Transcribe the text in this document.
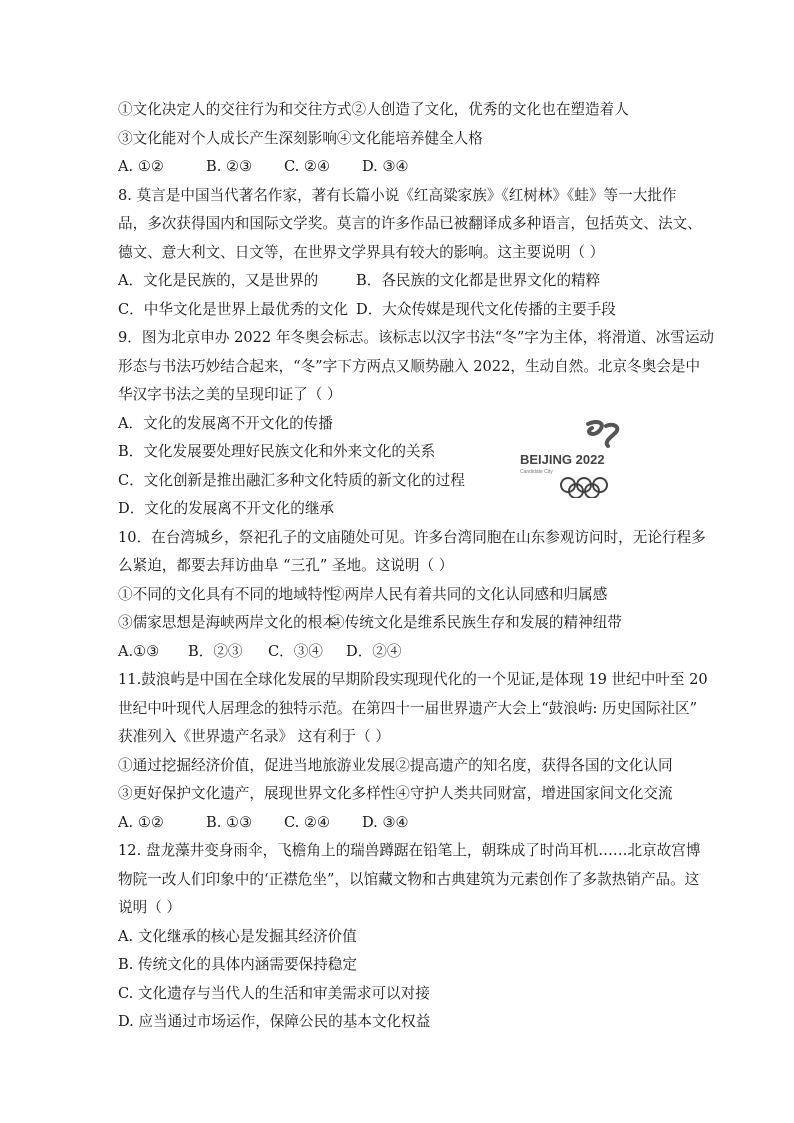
①文化决定人的交往行为和交往方式②人创造了文化，优秀的文化也在塑造着人
③文化能对个人成长产生深刻影响④文化能培养健全人格
A. ①②	B. ②③	C. ②④	D. ③④
8. 莫言是中国当代著名作家，著有长篇小说《红高粱家族》《红树林》《蛙》等一大批作
品，多次获得国内和国际文学奖。莫言的许多作品已被翻译成多种语言，包括英文、法文、
德文、意大利文、日文等，在世界文学界具有较大的影响。这主要说明（ ）
A．文化是民族的，又是世界的	B．各民族的文化都是世界文化的精粹
C．中华文化是世界上最优秀的文化 D．大众传媒是现代文化传播的主要手段
9．图为北京申办 2022 年冬奥会标志。该标志以汉字书法“冬”字为主体，将滑道、冰雪运动
形态与书法巧妙结合起来，“冬”字下方两点又顺势融入 2022，生动自然。北京冬奥会是中
华汉字书法之美的呈现印证了（ ）
A．文化的发展离不开文化的传播
B．文化发展要处理好民族文化和外来文化的关系
C．文化创新是推出融汇多种文化特质的新文化的过程
D．文化的发展离不开文化的继承
10．在台湾城乡，祭祀孔子的文庙随处可见。许多台湾同胞在山东参观访问时，无论行程多
么紧迫，都要去拜访曲阜 “三孔” 圣地。这说明（ ）
①不同的文化具有不同的地域特性
②两岸人民有着共同的文化认同感和归属感
③儒家思想是海峡两岸文化的根本
④传统文化是维系民族生存和发展的精神纽带
A.①③	B．②③	C．③④	D．②④
11.鼓浪屿是中国在全球化发展的早期阶段实现现代化的一个见证,是体现 19 世纪中叶至 20
世纪中叶现代人居理念的独特示范。在第四十一届世界遗产大会上“鼓浪屿: 历史国际社区”
获准列入《世界遗产名录》 这有利于（ ）
①通过挖掘经济价值，促进当地旅游业发展②提高遗产的知名度，获得各国的文化认同
③更好保护文化遗产，展现世界文化多样性④守护人类共同财富，增进国家间文化交流
A. ①②	B. ①③	C. ②④	D. ③④
12. 盘龙藻井变身雨伞，飞檐角上的瑞兽蹲踞在铅笔上，朝珠成了时尚耳机……北京故宫博
物院一改人们印象中的‘正襟危坐”，以馆藏文物和古典建筑为元素创作了多款热销产品。这
说明（ ）
A. 文化继承的核心是发掘其经济价值
B. 传统文化的具体内涵需要保持稳定
C. 文化遗存与当代人的生活和审美需求可以对接
D. 应当通过市场运作，保障公民的基本文化权益
BEIJING 2022
Candidate City
